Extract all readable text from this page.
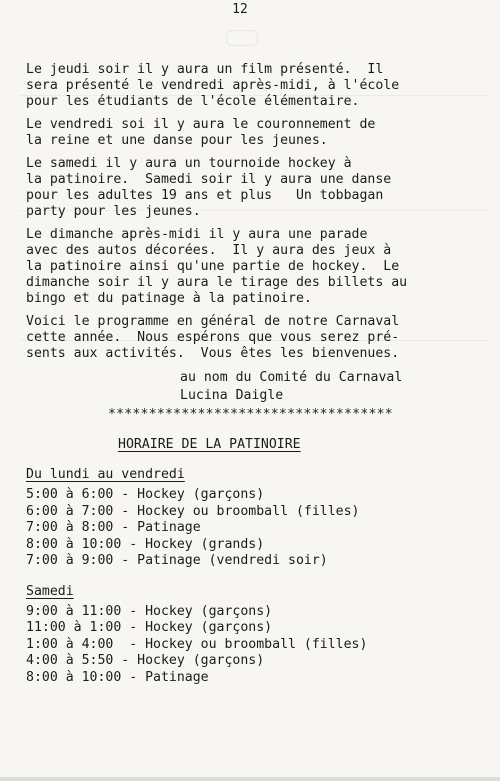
12

Le jeudi soir il y aura un film présenté.  Il
sera présenté le vendredi après-midi, à l'école
pour les étudiants de l'école élémentaire.

Le vendredi soi il y aura le couronnement de
la reine et une danse pour les jeunes.

Le samedi il y aura un tournoide hockey à
la patinoire.  Samedi soir il y aura une danse
pour les adultes 19 ans et plus   Un tobbagan
party pour les jeunes.

Le dimanche après-midi il y aura une parade
avec des autos décorées.  Il y aura des jeux à
la patinoire ainsi qu'une partie de hockey.  Le
dimanche soir il y aura le tirage des billets au
bingo et du patinage à la patinoire.

Voici le programme en général de notre Carnaval
cette année.  Nous espérons que vous serez pré-
sents aux activités.  Vous êtes les bienvenues.

au nom du Comité du Carnaval
Lucina Daigle
***********************************
HORAIRE DE LA PATINOIRE
Du lundi au vendredi
5:00 à 6:00 - Hockey (garçons)
6:00 à 7:00 - Hockey ou broomball (filles)
7:00 à 8:00 - Patinage
8:00 à 10:00 - Hockey (grands)
7:00 à 9:00 - Patinage (vendredi soir)
Samedi
9:00 à 11:00 - Hockey (garçons)
11:00 à 1:00 - Hockey (garçons)
1:00 à 4:00  - Hockey ou broomball (filles)
4:00 à 5:50 - Hockey (garçons)
8:00 à 10:00 - Patinage
